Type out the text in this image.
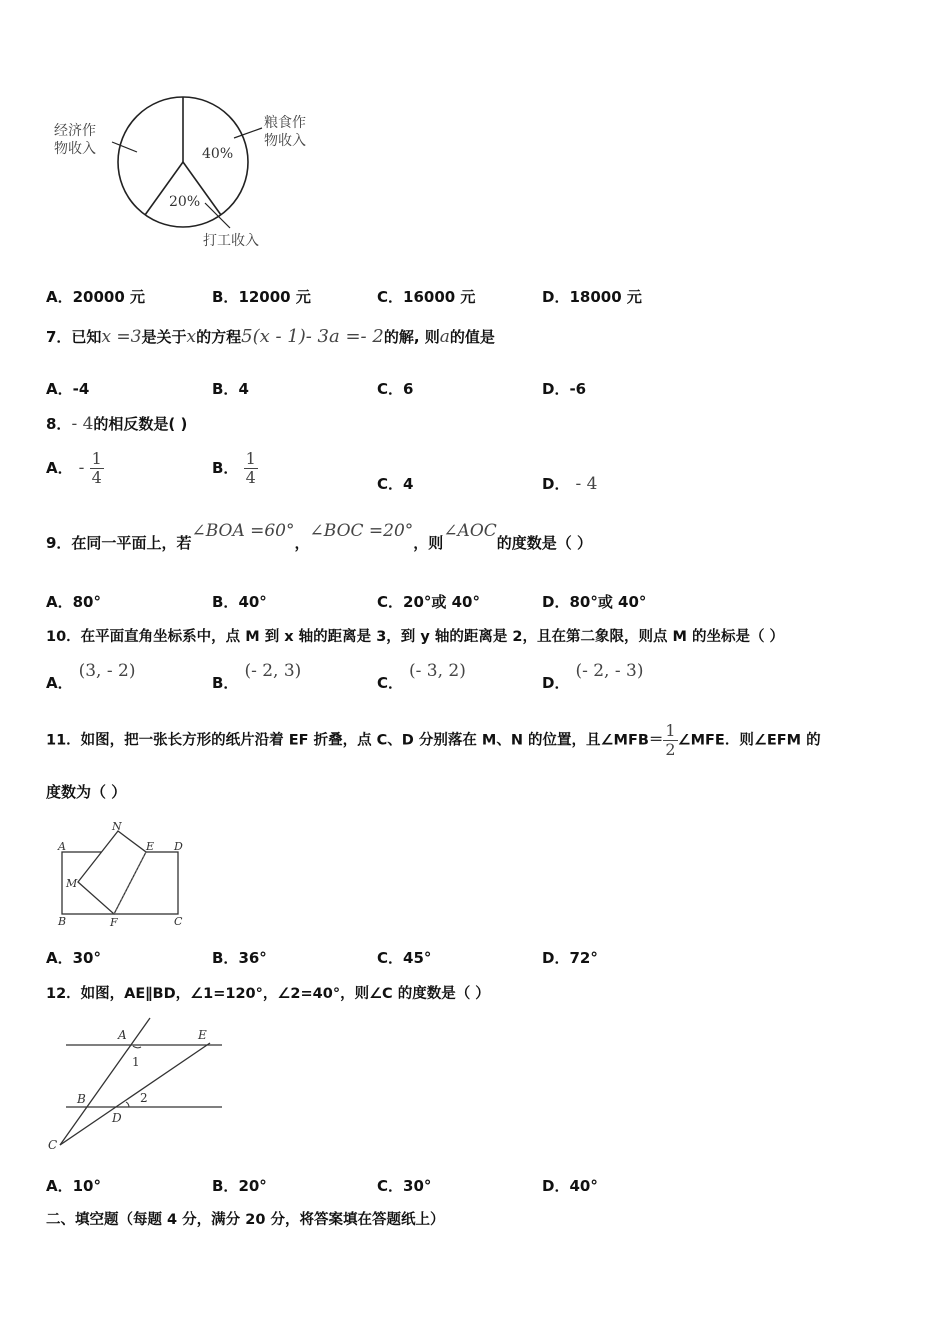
经济作
物收入
粮食作
物收入
40%
20%
打工收入
A．20000 元	B．12000 元	C．16000 元	D．18000 元
7．已知x =3是关于x的方程5(x - 1)- 3a =- 2的解, 则a的值是
A．-4	B．4	C．6	D．-6
8．- 4的相反数是( )
A． - $\frac{1}{4}$	B． $\frac{1}{4}$	C．4	D． - 4
9．在同一平面上，若∠BOA =60°，∠BOC =20°，则∠AOC的度数是（ ）
A．80°	B．40°	C．20°或 40°	D．80°或 40°
10．在平面直角坐标系中，点 M 到 x 轴的距离是 3，到 y 轴的距离是 2，且在第二象限，则点 M 的坐标是（ ）
A．(3, - 2)
B．(- 2, 3)
C．(- 3, 2)
D．(- 2, - 3)
11．如图，把一张长方形的纸片沿着 EF 折叠，点 C、D 分别落在 M、N 的位置，且∠MFB＝ $\frac{1}{2}$ ∠MFE．则∠EFM 的
度数为（ ）
A
N
E D
M
B	F	C
A．30°	B．36°	C．45°	D．72°
12．如图，AE∥BD，∠1=120°，∠2=40°，则∠C 的度数是（ ）
A	E
1
B	2
D
C
A．10°	B．20°	C．30°	D．40°
二、填空题（每题 4 分，满分 20 分，将答案填在答题纸上）
